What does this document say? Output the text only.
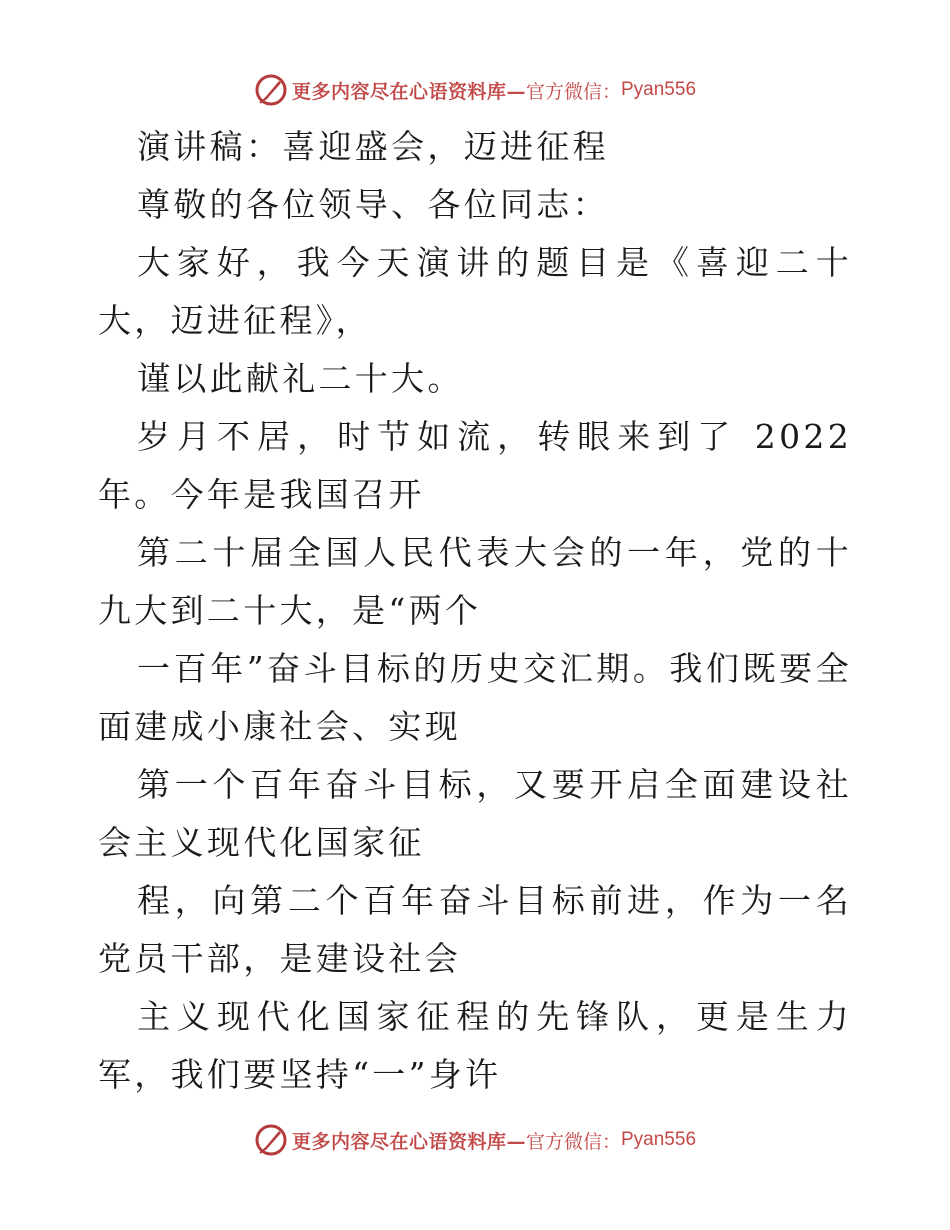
更多内容尽在心语资料库— 官方微信： Pyan556

演讲稿：喜迎盛会，迈进征程

尊敬的各位领导、各位同志：

大家好，我今天演讲的题目是《喜迎二十大，迈进征程》，

谨以此献礼二十大。

岁月不居，时节如流，转眼来到了 2022 年。今年是我国召开

第二十届全国人民代表大会的一年，党的十九大到二十大，是“两个

一百年”奋斗目标的历史交汇期。我们既要全面建成小康社会、实现

第一个百年奋斗目标，又要开启全面建设社会主义现代化国家征

程，向第二个百年奋斗目标前进，作为一名党员干部，是建设社会

主义现代化国家征程的先锋队，更是生力军，我们要坚持“一”身许

更多内容尽在心语资料库— 官方微信： Pyan556
